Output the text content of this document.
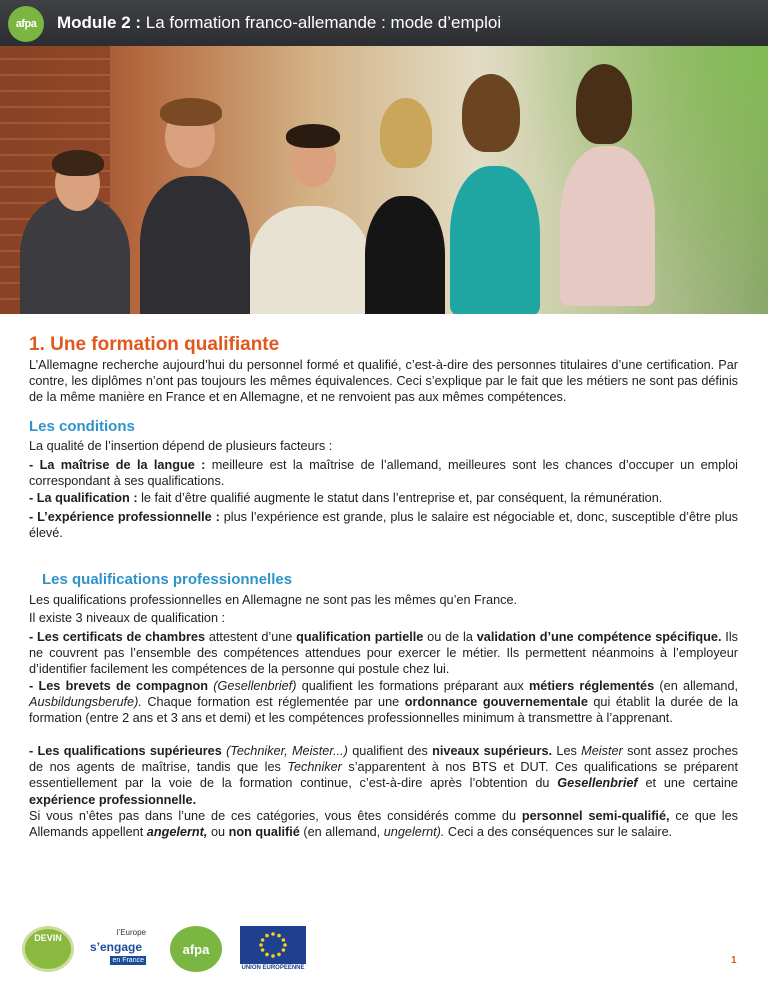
afpa Module 2 : La formation franco-allemande : mode d’emploi
1. Une formation qualifiante

L’Allemagne recherche aujourd’hui du personnel formé et qualifié, c’est-à-dire des personnes titulaires d’une certification. Par contre, les diplômes n’ont pas toujours les mêmes équivalences. Ceci s’explique par le fait que les métiers ne sont pas définis de la même manière en France et en Allemagne, et ne renvoient pas aux mêmes compétences.

Les conditions

La qualité de l’insertion dépend de plusieurs facteurs :

- La maîtrise de la langue : meilleure est la maîtrise de l’allemand, meilleures sont les chances d’occuper un emploi correspondant à ses qualifications.

- La qualification : le fait d’être qualifié augmente le statut dans l’entreprise et, par conséquent, la rémunération.

- L’expérience professionnelle : plus l’expérience est grande, plus le salaire est négociable et, donc, susceptible d’être plus élevé.

Les qualifications professionnelles

Les qualifications professionnelles en Allemagne ne sont pas les mêmes qu’en France.

Il existe 3 niveaux de qualification :

- Les certificats de chambres attestent d’une qualification partielle ou de la validation d’une compétence spécifique. Ils ne couvrent pas l’ensemble des compétences attendues pour exercer le métier. Ils permettent néanmoins à l’employeur d’identifier facilement les compétences de la personne qui postule chez lui.

- Les brevets de compagnon (Gesellenbrief) qualifient les formations préparant aux métiers réglementés (en allemand, Ausbildungsberufe). Chaque formation est réglementée par une ordonnance gouvernementale qui établit la durée de la formation (entre 2 ans et 3 ans et demi) et les compétences professionnelles minimum à transmettre à l’apprenant.

- Les qualifications supérieures (Techniker, Meister...) qualifient des niveaux supérieurs. Les Meister sont assez proches de nos agents de maîtrise, tandis que les Techniker s’apparentent à nos BTS et DUT. Ces qualifications se préparent essentiellement par la voie de la formation continue, c’est-à-dire après l’obtention du Gesellenbrief et une certaine expérience professionnelle.

Si vous n’êtes pas dans l’une de ces catégories, vous êtes considérés comme du personnel semi-qualifié, ce que les Allemands appellent angelernt, ou non qualifié (en allemand, ungelernt). Ceci a des conséquences sur le salaire.

DEVIN
l’Europe
s’engage
en France
afpa
UNION EUROPEENNE
1
